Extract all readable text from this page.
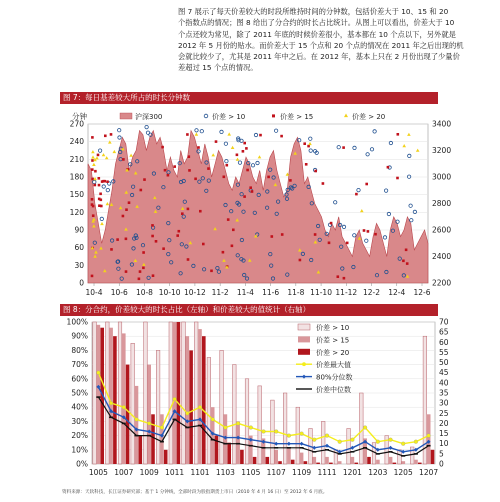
图 7 展示了每天价差较大的时段所维持时间的分钟数，包括价差大于 10、15 和 20
个指数点的情况；图 8 给出了分合约的时长占比统计。从图上可以看出，价差大于 10
个点还较为常见，除了 2011 年底的时候价差很小，基本都在 10 个点以下，另外就是
2012 年 5 月份的贴水。而价差大于 15 个点和 20 个点的情况在 2011 年之后出现的机
会就比较少了，尤其是 2011 年中之后。在 2012 年，基本上只在 2 月份出现了少量价
差超过 15 个点的情况。
图 7：每日基差较大所占的时长分钟数
0
30
60
90
120
150
180
210
240
270
2200
2400
2600
2800
3000
3200
3400
分钟
10-4 10-6 10-8 10-10 10-12 11-2 11-4 11-6 11-8 11-10 11-12 12-2 12-4 12-6
沪深300	价差 > 10	价差 > 15	价差 > 20
图 8：分合约，价差较大的时长占比（左轴）和价差较大的值统计（右轴）
0%
10%
20%
30%
40%
50%
60%
70%
80%
90%
100%
0
5
10
15
20
25
30
35
40
45
50
55
60
65
70
1005 1007 1009 1011 1101 1103 1105 1107 1109 1111 1201 1203 1205 1207
价差 > 10
价差 > 15
价差 > 20
价差最大值
80%分位数
价差中位数
资料来源：天软科技，长江证券研究部；基于 1 分钟线，全部时段为股指期货上市日（2010 年 4 月 16 日）至 2012 年 6 月底。
